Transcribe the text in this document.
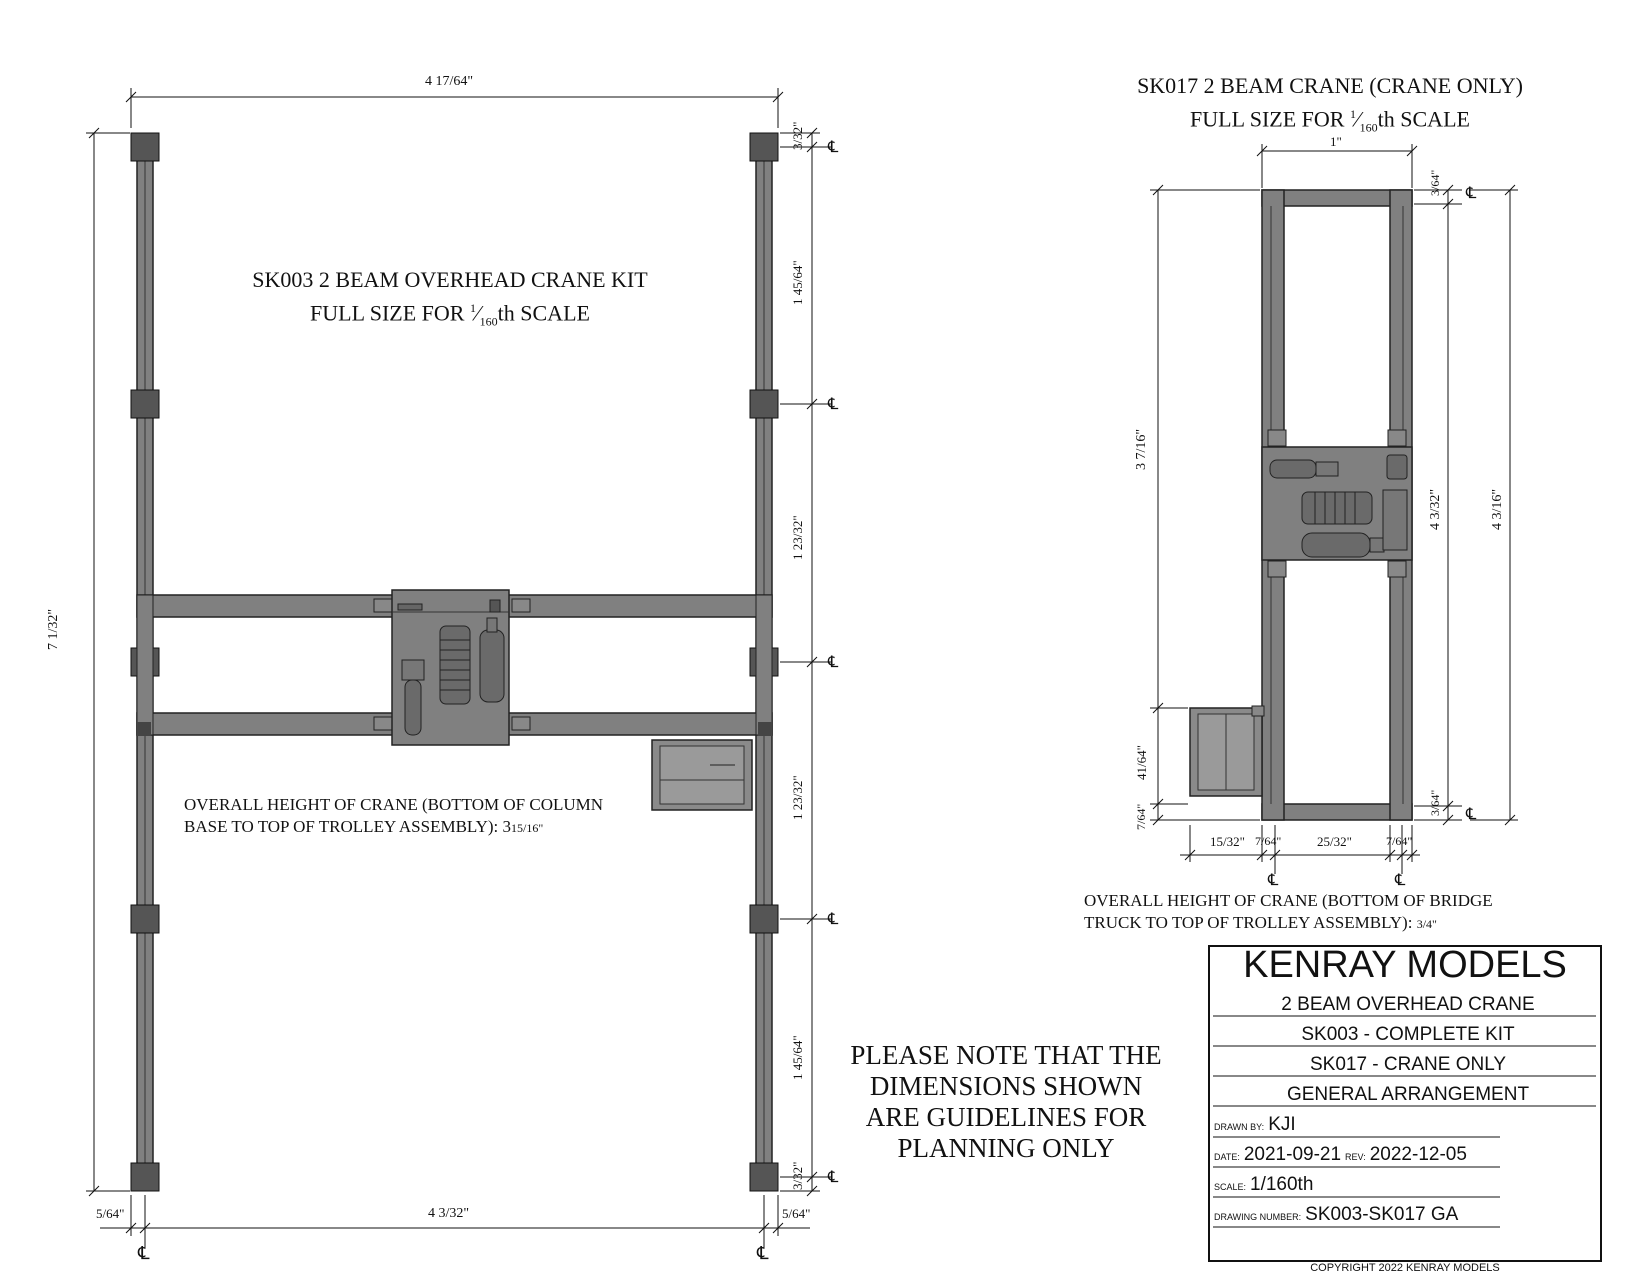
SK003 2 BEAM OVERHEAD CRANE KIT
FULL SIZE FOR $^1⁄_{160}th$ SCALE
OVERALL HEIGHT OF CRANE (BOTTOM OF COLUMN
BASE TO TOP OF TROLLEY ASSEMBLY): 315/16"
4 17/64"
7 1/32"
4 3/32"
5/64"	5/64"
℄	℄
3/32"
1 45/64"
1 23/32"
1 23/32"
1 45/64"
3/32"
℄
℄
℄
℄
℄
SK017 2 BEAM CRANE (CRANE ONLY)
FULL SIZE FOR $^1⁄_{160}th$ SCALE
1"
3 7/16"
4 3/32"	4 3/16"
3/64"
3/64"
41/64"
7/64"
15/32" 7/64"	25/32"	7/64"
℄
℄
℄	℄
OVERALL HEIGHT OF CRANE (BOTTOM OF BRIDGE
TRUCK TO TOP OF TROLLEY ASSEMBLY): 3/4"
PLEASE NOTE THAT THE
DIMENSIONS SHOWN
ARE GUIDELINES FOR
PLANNING ONLY
KENRAY MODELS
2 BEAM OVERHEAD CRANE
SK003 - COMPLETE KIT
SK017 - CRANE ONLY
GENERAL ARRANGEMENT
DRAWN BY: KJI
DATE: 2021-09-21 REV: 2022-12-05
SCALE: 1/160th
DRAWING NUMBER: SK003-SK017 GA
COPYRIGHT 2022 KENRAY MODELS
